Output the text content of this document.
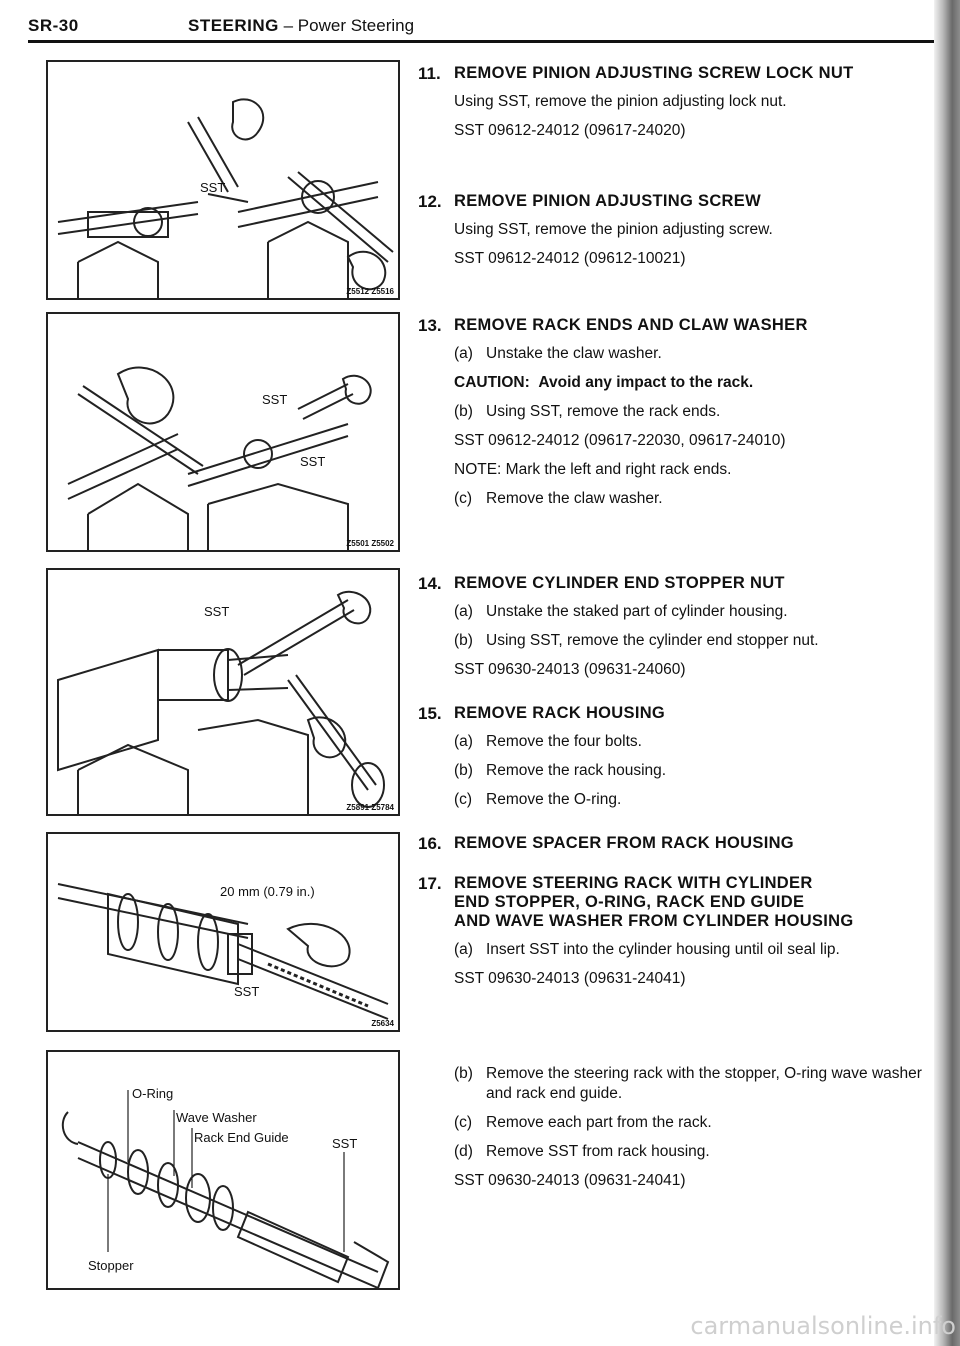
SR-30	STEERING – Power Steering
SST
Z5512 Z5516
SST
SST
Z5501 Z5502
SST
Z5891 Z5784
20 mm (0.79 in.)
SST
Z5634
O-Ring
Wave Washer
Rack End Guide	SST
Stopper
11. REMOVE PINION ADJUSTING SCREW LOCK NUT
Using SST, remove the pinion adjusting lock nut.
SST 09612-24012 (09617-24020)
12. REMOVE PINION ADJUSTING SCREW
Using SST, remove the pinion adjusting screw.
SST 09612-24012 (09612-10021)
13. REMOVE RACK ENDS AND CLAW WASHER
(a) Unstake the claw washer.
CAUTION: Avoid any impact to the rack.
(b) Using SST, remove the rack ends.
SST 09612-24012 (09617-22030, 09617-24010)
NOTE: Mark the left and right rack ends.
(c) Remove the claw washer.
14. REMOVE CYLINDER END STOPPER NUT
(a) Unstake the staked part of cylinder housing.
(b) Using SST, remove the cylinder end stopper nut.
SST 09630-24013 (09631-24060)
15. REMOVE RACK HOUSING
(a) Remove the four bolts.
(b) Remove the rack housing.
(c) Remove the O-ring.
16. REMOVE SPACER FROM RACK HOUSING
17. REMOVE STEERING RACK WITH CYLINDER
END STOPPER, O-RING, RACK END GUIDE
AND WAVE WASHER FROM CYLINDER HOUSING
(a) Insert SST into the cylinder housing until oil seal lip.
SST 09630-24013 (09631-24041)
(b) Remove the steering rack with the stopper, O-ring wave washer and rack end guide.
(c) Remove each part from the rack.
(d) Remove SST from rack housing.
SST 09630-24013 (09631-24041)
carmanualsonline.info
